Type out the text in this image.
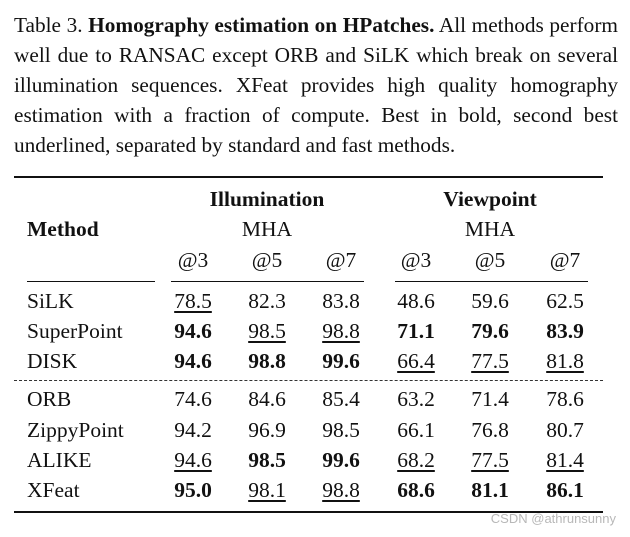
Table 3. Homography estimation on HPatches. All methods perform well due to RANSAC except ORB and SiLK which break on several illumination sequences. XFeat provides high quality homography estimation with a fraction of compute. Best in bold, second best underlined, separated by standard and fast methods.
Illumination	Viewpoint
Method	MHA	MHA
@3 @5 @7 @3 @5 @7
SiLK	78.5 82.3 83.8 48.6 59.6 62.5
SuperPoint 94.6 98.5 98.8 71.1 79.6 83.9
DISK	94.6 98.8 99.6 66.4 77.5 81.8
ORB	74.6 84.6 85.4 63.2 71.4 78.6
ZippyPoint 94.2 96.9 98.5 66.1 76.8 80.7
ALIKE	94.6 98.5 99.6 68.2 77.5 81.4
XFeat	95.0 98.1 98.8 68.6 81.1 86.1
CSDN @athrunsunny
